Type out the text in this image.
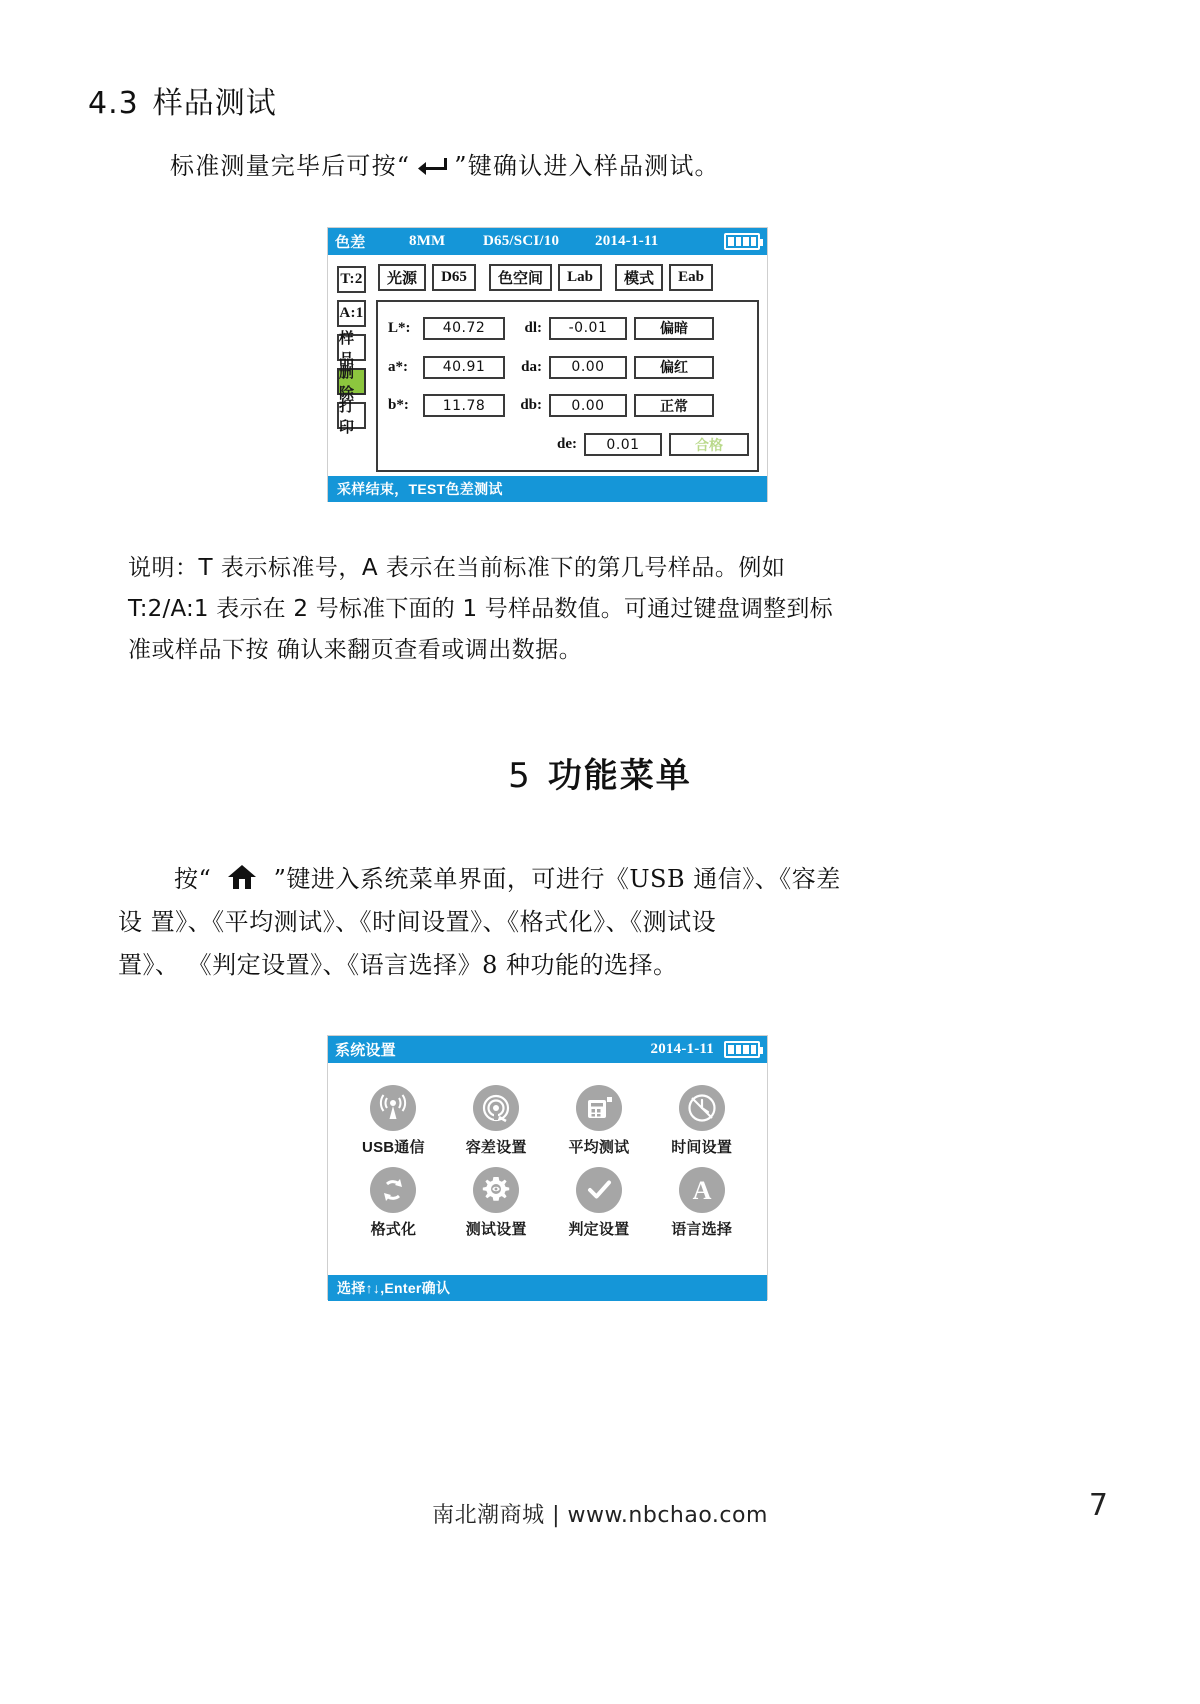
4.3 样品测试
标准测量完毕后可按“ ”键确认进入样品测试。
色差	8MM	D65/SCI/10	2014-1-11
T:2
A:1
样品
删除
打印
光源	D65	色空间	Lab	模式	Eab
L*:	40.72	dl:	-0.01	偏暗
a*:	40.91	da:	0.00	偏红
b*:	11.78	db:	0.00	正常
de:	0.01	合格
采样结束，TEST色差测试
说明：T 表示标准号，A 表示在当前标准下的第几号样品。例如
T:2/A:1 表示在 2 号标准下面的 1 号样品数值。可通过键盘调整到标
准或样品下按 确认来翻页查看或调出数据。
5 功能菜单
按“	”键进入系统菜单界面，可进行《USB 通信》、《容差
设 置》、《平均测试》、《时间设置》、《格式化》、《测试设
置》、 《判定设置》、《语言选择》8 种功能的选择。
系统设置	2014-1-11
USB通信	容差设置	平均测试	时间设置
格式化	测试设置	判定设置
A
语言选择
选择↑↓,Enter确认
南北潮商城 | www.nbchao.com	7
